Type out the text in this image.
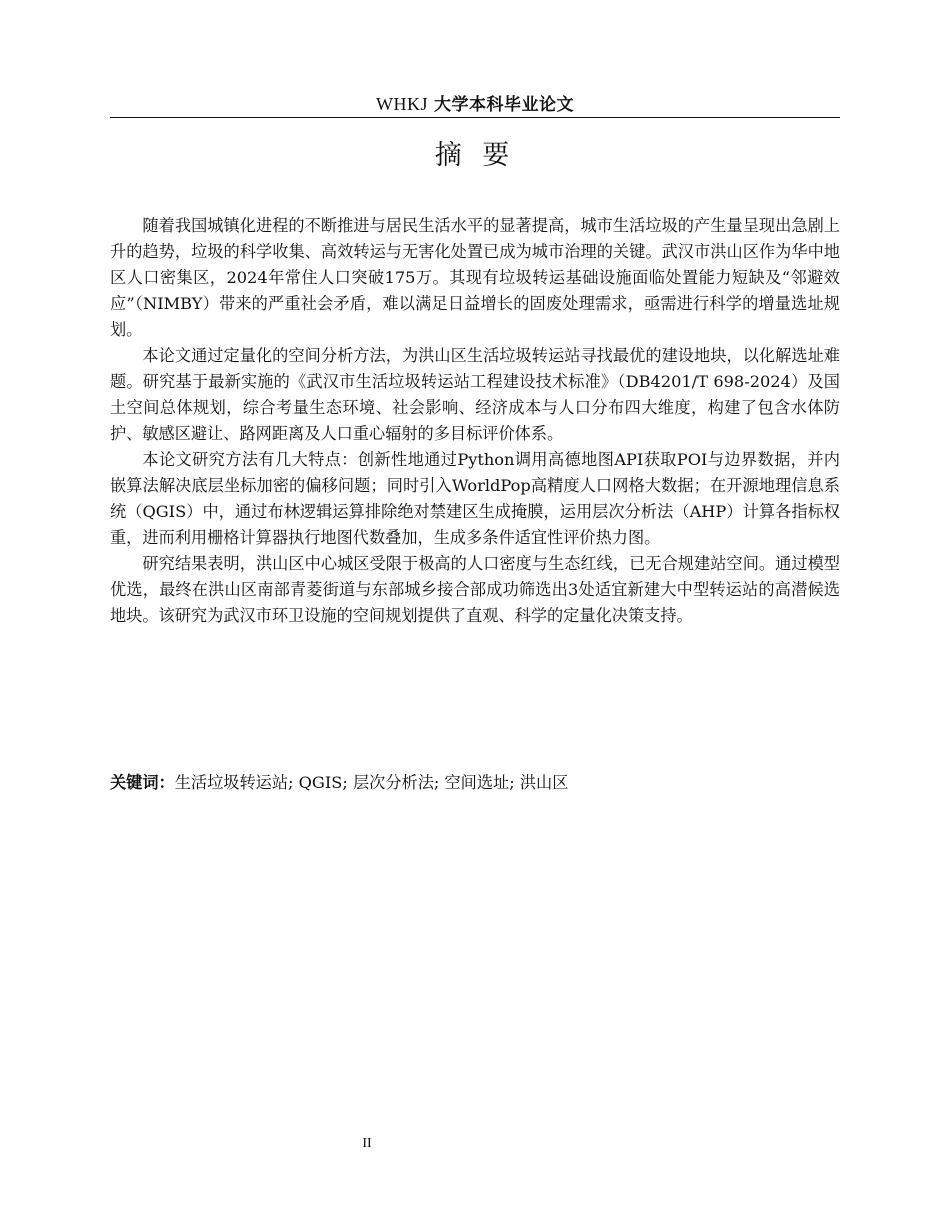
WHKJ 大学本科毕业论文
摘 要

随着我国城镇化进程的不断推进与居民生活水平的显著提高，城市生活垃圾的产生量呈现出急剧上升的趋势，垃圾的科学收集、高效转运与无害化处置已成为城市治理的关键。武汉市洪山区作为华中地区人口密集区，2024年常住人口突破175万。其现有垃圾转运基础设施面临处置能力短缺及“邻避效应”（NIMBY）带来的严重社会矛盾，难以满足日益增长的固废处理需求，亟需进行科学的增量选址规划。

本论文通过定量化的空间分析方法，为洪山区生活垃圾转运站寻找最优的建设地块，以化解选址难题。研究基于最新实施的《武汉市生活垃圾转运站工程建设技术标准》（DB4201/T 698-2024）及国土空间总体规划，综合考量生态环境、社会影响、经济成本与人口分布四大维度，构建了包含水体防护、敏感区避让、路网距离及人口重心辐射的多目标评价体系。

本论文研究方法有几大特点：创新性地通过Python调用高德地图API获取POI与边界数据，并内嵌算法解决底层坐标加密的偏移问题；同时引入WorldPop高精度人口网格大数据；在开源地理信息系统（QGIS）中，通过布林逻辑运算排除绝对禁建区生成掩膜，运用层次分析法（AHP）计算各指标权重，进而利用栅格计算器执行地图代数叠加，生成多条件适宜性评价热力图。

研究结果表明，洪山区中心城区受限于极高的人口密度与生态红线，已无合规建站空间。通过模型优选，最终在洪山区南部青菱街道与东部城乡接合部成功筛选出3处适宜新建大中型转运站的高潜候选地块。该研究为武汉市环卫设施的空间规划提供了直观、科学的定量化决策支持。

关键词：生活垃圾转运站; QGIS; 层次分析法; 空间选址; 洪山区
II
